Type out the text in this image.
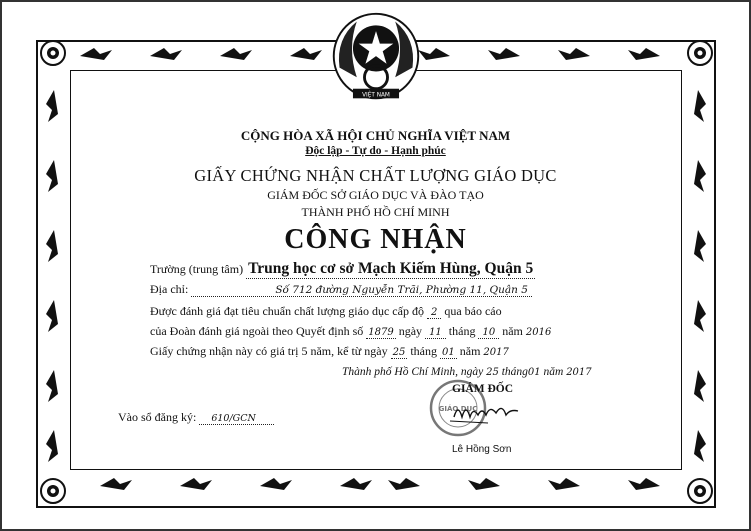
VIỆT NAM
CỘNG HÒA XÃ HỘI CHỦ NGHĨA VIỆT NAM
Độc lập - Tự do - Hạnh phúc
GIẤY CHỨNG NHẬN CHẤT LƯỢNG GIÁO DỤC
GIÁM ĐỐC SỞ GIÁO DỤC VÀ ĐÀO TẠO
THÀNH PHỐ HỒ CHÍ MINH
CÔNG NHẬN
Trường (trung tâm) Trung học cơ sở Mạch Kiếm Hùng, Quận 5
Địa chỉ:	Số 712 đường Nguyễn Trãi, Phường 11, Quận 5
Được đánh giá đạt tiêu chuẩn chất lượng giáo dục cấp độ 2 qua báo cáo
của Đoàn đánh giá ngoài theo Quyết định số 1879 ngày 11 tháng 10 năm 2016
Giấy chứng nhận này có giá trị 5 năm, kể từ ngày 25 tháng 01 năm 2017
Thành phố Hồ Chí Minh, ngày 25 tháng01 năm 2017
GIÁO DỤC
GIÁM ĐỐC
Lê Hồng Sơn
Vào sổ đăng ký: 610/GCN
